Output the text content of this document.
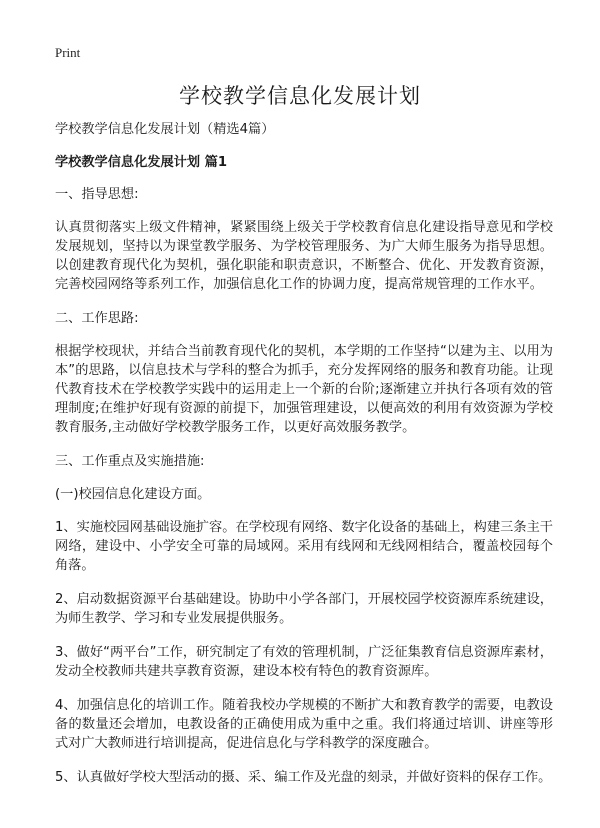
Print
学校教学信息化发展计划

学校教学信息化发展计划（精选4篇）

学校教学信息化发展计划 篇1

一、指导思想:

认真贯彻落实上级文件精神，紧紧围绕上级关于学校教育信息化建设指导意见和学校发展规划，坚持以为课堂教学服务、为学校管理服务、为广大师生服务为指导思想。以创建教育现代化为契机，强化职能和职责意识，不断整合、优化、开发教育资源，完善校园网络等系列工作，加强信息化工作的协调力度，提高常规管理的工作水平。

二、工作思路:

根据学校现状，并结合当前教育现代化的契机，本学期的工作坚持“以建为主、以用为本”的思路，以信息技术与学科的整合为抓手，充分发挥网络的服务和教育功能。让现代教育技术在学校教学实践中的运用走上一个新的台阶;逐渐建立并执行各项有效的管理制度;在维护好现有资源的前提下，加强管理建设，以便高效的利用有效资源为学校教育服务,主动做好学校教学服务工作，以更好高效服务教学。

三、工作重点及实施措施:

(一)校园信息化建设方面。

1、实施校园网基础设施扩容。在学校现有网络、数字化设备的基础上，构建三条主干网络，建设中、小学安全可靠的局域网。采用有线网和无线网相结合，覆盖校园每个角落。

2、启动数据资源平台基础建设。协助中小学各部门，开展校园学校资源库系统建设，为师生教学、学习和专业发展提供服务。

3、做好“两平台”工作，研究制定了有效的管理机制，广泛征集教育信息资源库素材，发动全校教师共建共享教育资源，建设本校有特色的教育资源库。

4、加强信息化的培训工作。随着我校办学规模的不断扩大和教育教学的需要，电教设备的数量还会增加，电教设备的正确使用成为重中之重。我们将通过培训、讲座等形式对广大教师进行培训提高，促进信息化与学科教学的深度融合。

5、认真做好学校大型活动的摄、采、编工作及光盘的刻录，并做好资料的保存工作。
